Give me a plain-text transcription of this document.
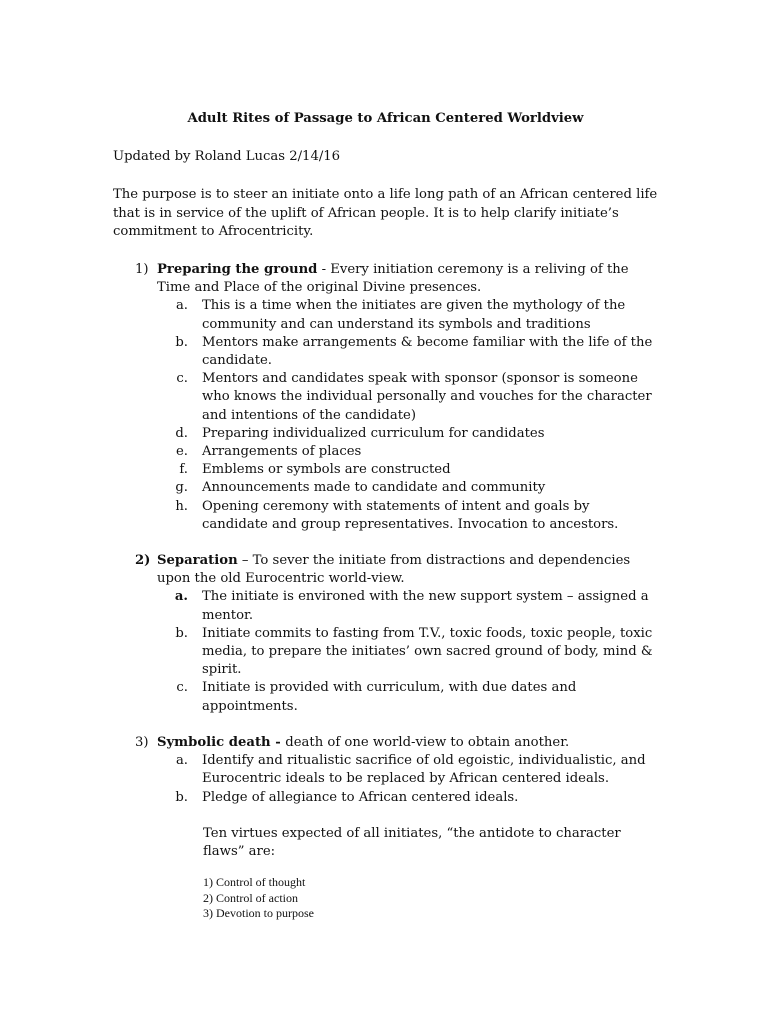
Adult Rites of Passage to African Centered Worldview
Updated by Roland Lucas 2/14/16
The purpose is to steer an initiate onto a life long path of an African centered life that is in service of the uplift of African people. It is to help clarify initiate’s commitment to Afrocentricity.
1) Preparing the ground - Every initiation ceremony is a reliving of the Time and Place of the original Divine presences.
a.	This is a time when the initiates are given the mythology of the community and can understand its symbols and traditions
b.	Mentors make arrangements & become familiar with the life of the candidate.
c.	Mentors and candidates speak with sponsor (sponsor is someone who knows the individual personally and vouches for the character and intentions of the candidate)
d.	Preparing individualized curriculum for candidates
e.	Arrangements of places
f.	Emblems or symbols are constructed
g.	Announcements made to candidate and community
h.	Opening ceremony with statements of intent and goals by candidate and group representatives. Invocation to ancestors.
2) Separation – To sever the initiate from distractions and dependencies upon the old Eurocentric world-view.
a.	The initiate is environed with the new support system – assigned a mentor.
b.	Initiate commits to fasting from T.V., toxic foods, toxic people, toxic media, to prepare the initiates’ own sacred ground of body, mind & spirit.
c.	Initiate is provided with curriculum, with due dates and appointments.
3) Symbolic death - death of one world-view to obtain another.
a.	Identify and ritualistic sacrifice of old egoistic, individualistic, and Eurocentric ideals to be replaced by African centered ideals.
b.	Pledge of allegiance to African centered ideals.
Ten virtues expected of all initiates, “the antidote to character flaws” are:
1) Control of thought
2) Control of action
3) Devotion to purpose
